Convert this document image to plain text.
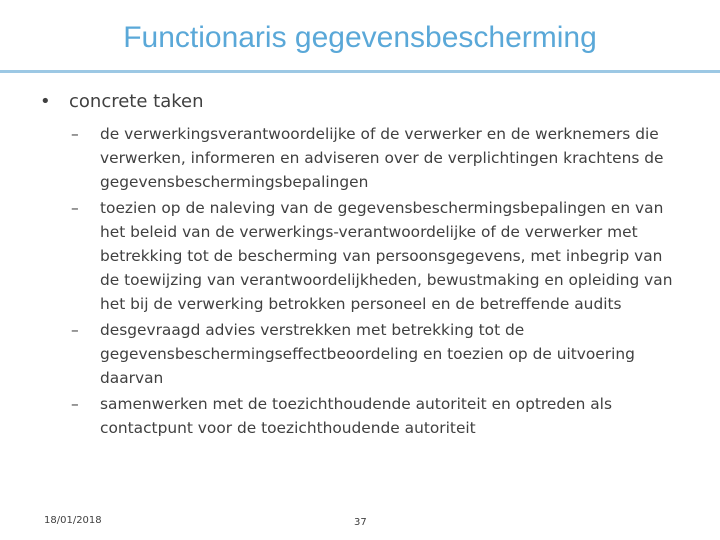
Functionaris gegevensbescherming
•	concrete taken
–	de verwerkingsverantwoordelijke of de verwerker en de werknemers die verwerken, informeren en adviseren over de verplichtingen krachtens de gegevensbeschermingsbepalingen
–	toezien op de naleving van de gegevensbeschermingsbepalingen en van het beleid van de verwerkings-verantwoordelijke of de verwerker met betrekking tot de bescherming van persoonsgegevens, met inbegrip van de toewijzing van verantwoordelijkheden, bewustmaking en opleiding van het bij de verwerking betrokken personeel en de betreffende audits
–	desgevraagd advies verstrekken met betrekking tot de gegevensbeschermingseffectbeoordeling en toezien op de uitvoering daarvan
–	samenwerken met de toezichthoudende autoriteit en optreden als contactpunt voor de toezichthoudende autoriteit
18/01/2018	37
